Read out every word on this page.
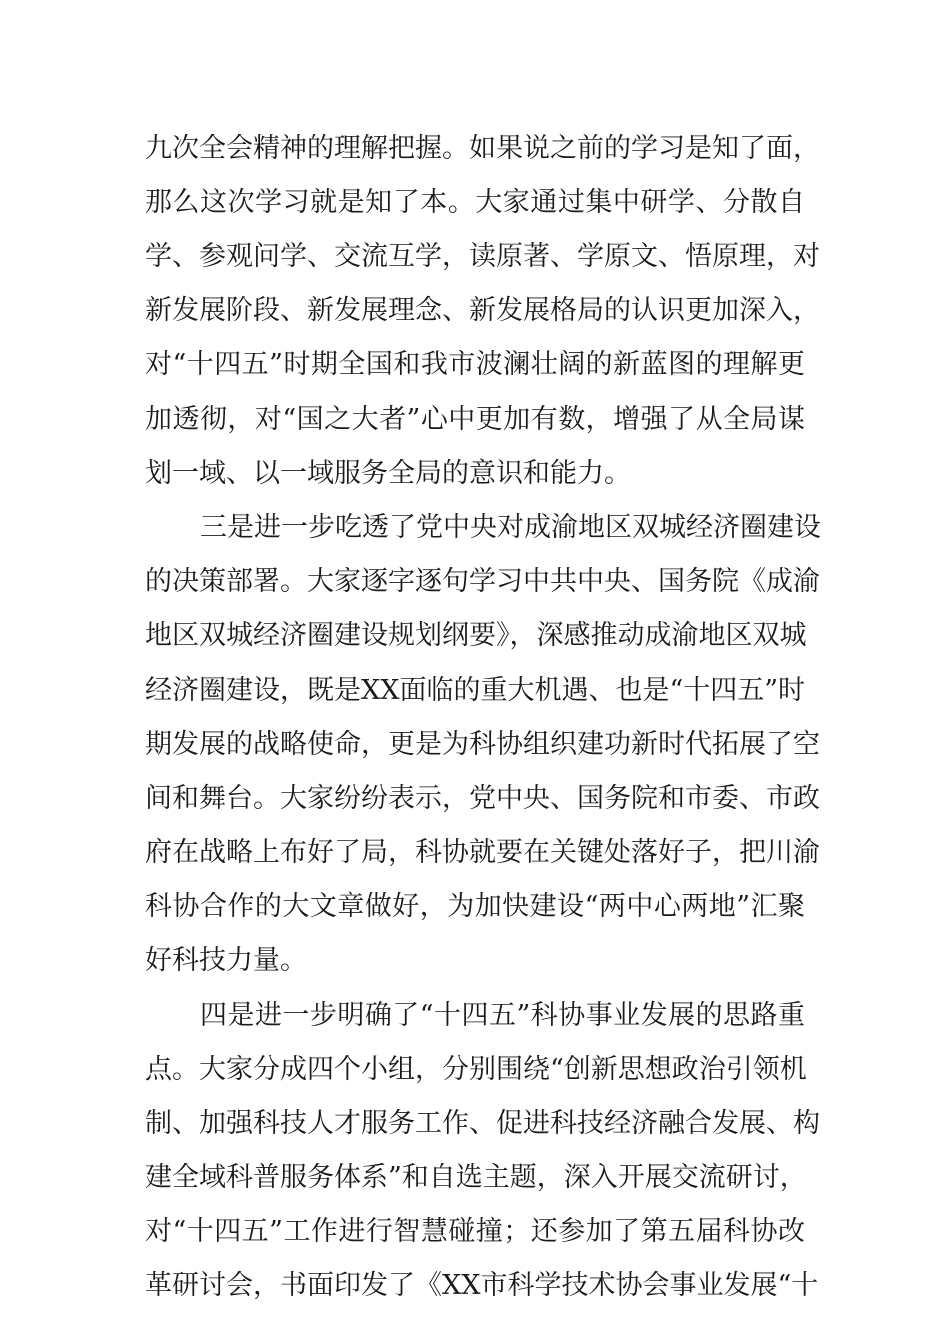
九次全会精神的理解把握。如果说之前的学习是知了面，
那么这次学习就是知了本。大家通过集中研学、分散自
学、参观问学、交流互学，读原著、学原文、悟原理，对
新发展阶段、新发展理念、新发展格局的认识更加深入，
对“十四五”时期全国和我市波澜壮阔的新蓝图的理解更
加透彻，对“国之大者”心中更加有数，增强了从全局谋
划一域、以一域服务全局的意识和能力。
三是进一步吃透了党中央对成渝地区双城经济圈建设
的决策部署。大家逐字逐句学习中共中央、国务院《成渝
地区双城经济圈建设规划纲要》，深感推动成渝地区双城
经济圈建设，既是XX面临的重大机遇、也是“十四五”时
期发展的战略使命，更是为科协组织建功新时代拓展了空
间和舞台。大家纷纷表示，党中央、国务院和市委、市政
府在战略上布好了局，科协就要在关键处落好子，把川渝
科协合作的大文章做好，为加快建设“两中心两地”汇聚
好科技力量。
四是进一步明确了“十四五”科协事业发展的思路重
点。大家分成四个小组，分别围绕“创新思想政治引领机
制、加强科技人才服务工作、促进科技经济融合发展、构
建全域科普服务体系”和自选主题，深入开展交流研讨，
对“十四五”工作进行智慧碰撞；还参加了第五届科协改
革研讨会，书面印发了《XX市科学技术协会事业发展“十
